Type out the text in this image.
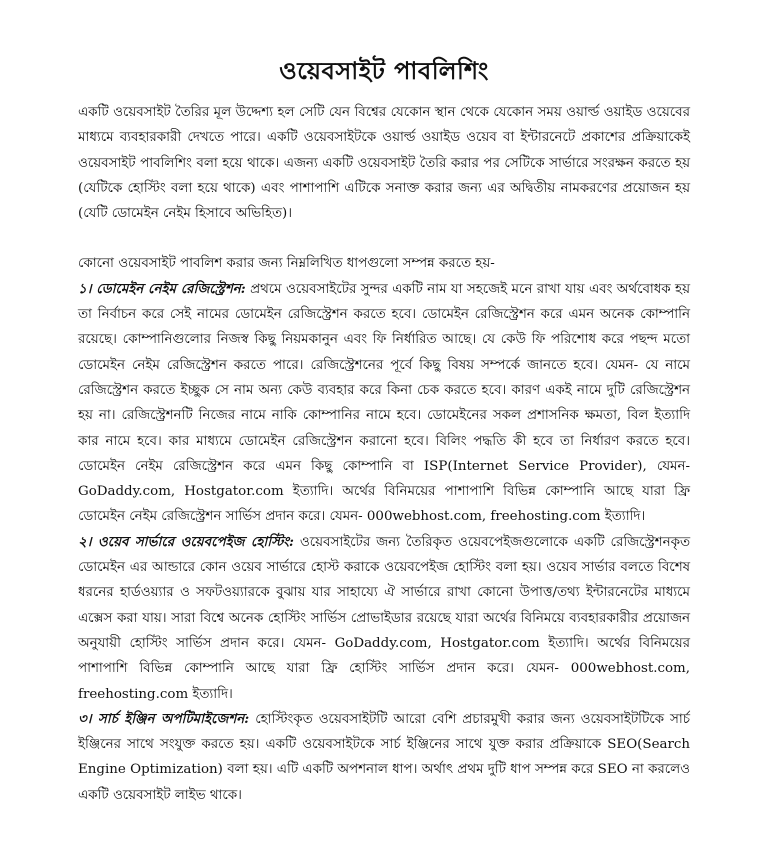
ওয়েবসাইট পাবলিশিং

একটি ওয়েবসাইট তৈরির মূল উদ্দেশ্য হল সেটি যেন বিশ্বের যেকোন স্থান থেকে যেকোন সময় ওয়ার্ল্ড ওয়াইড ওয়েবের মাধ্যমে ব্যবহারকারী দেখতে পারে। একটি ওয়েবসাইটকে ওয়ার্ল্ড ওয়াইড ওয়েব বা ইন্টারনেটে প্রকাশের প্রক্রিয়াকেই ওয়েবসাইট পাবলিশিং বলা হয়ে থাকে। এজন্য একটি ওয়েবসাইট তৈরি করার পর সেটিকে সার্ভারে সংরক্ষন করতে হয় (যেটিকে হোস্টিং বলা হয়ে থাকে) এবং পাশাপাশি এটিকে সনাক্ত করার জন্য এর অদ্বিতীয় নামকরণের প্রয়োজন হয় (যেটি ডোমেইন নেইম হিসাবে অভিহিত)।

কোনো ওয়েবসাইট পাবলিশ করার জন্য নিম্নলিখিত ধাপগুলো সম্পন্ন করতে হয়-

১। ডোমেইন নেইম রেজিস্ট্রেশন: প্রথমে ওয়েবসাইটের সুন্দর একটি নাম যা সহজেই মনে রাখা যায় এবং অর্থবোধক হয় তা নির্বাচন করে সেই নামের ডোমেইন রেজিস্ট্রেশন করতে হবে। ডোমেইন রেজিস্ট্রেশন করে এমন অনেক কোম্পানি রয়েছে। কোম্পানিগুলোর নিজস্ব কিছু নিয়মকানুন এবং ফি নির্ধারিত আছে। যে কেউ ফি পরিশোধ করে পছন্দ মতো ডোমেইন নেইম রেজিস্ট্রেশন করতে পারে। রেজিস্ট্রেশনের পূর্বে কিছু বিষয় সম্পর্কে জানতে হবে। যেমন- যে নামে রেজিস্ট্রেশন করতে ইচ্ছুক সে নাম অন্য কেউ ব্যবহার করে কিনা চেক করতে হবে। কারণ একই নামে দুটি রেজিস্ট্রেশন হয় না। রেজিস্ট্রেশনটি নিজের নামে নাকি কোম্পানির নামে হবে। ডোমেইনের সকল প্রশাসনিক ক্ষমতা, বিল ইত্যাদি কার নামে হবে। কার মাধ্যমে ডোমেইন রেজিস্ট্রেশন করানো হবে। বিলিং পদ্ধতি কী হবে তা নির্ধারণ করতে হবে। ডোমেইন নেইম রেজিস্ট্রেশন করে এমন কিছু কোম্পানি বা ISP(Internet Service Provider), যেমন- GoDaddy.com, Hostgator.com ইত্যাদি। অর্থের বিনিময়ের পাশাপাশি বিভিন্ন কোম্পানি আছে যারা ফ্রি ডোমেইন নেইম রেজিস্ট্রেশন সার্ভিস প্রদান করে। যেমন- 000webhost.com, freehosting.com ইত্যাদি।

২। ওয়েব সার্ভারে ওয়েবপেইজ হোস্টিং: ওয়েবসাইটের জন্য তৈরিকৃত ওয়েবপেইজগুলোকে একটি রেজিস্ট্রেশনকৃত ডোমেইন এর আন্ডারে কোন ওয়েব সার্ভারে হোস্ট করাকে ওয়েবপেইজ হোস্টিং বলা হয়। ওয়েব সার্ভার বলতে বিশেষ ধরনের হার্ডওয়্যার ও সফটওয়্যারকে বুঝায় যার সাহায্যে ঐ সার্ভারে রাখা কোনো উপাত্ত/তথ্য ইন্টারনেটের মাধ্যমে এক্সেস করা যায়। সারা বিশ্বে অনেক হোস্টিং সার্ভিস প্রোভাইডার রয়েছে যারা অর্থের বিনিময়ে ব্যবহারকারীর প্রয়োজন অনুযায়ী হোস্টিং সার্ভিস প্রদান করে। যেমন- GoDaddy.com, Hostgator.com ইত্যাদি। অর্থের বিনিময়ের পাশাপাশি বিভিন্ন কোম্পানি আছে যারা ফ্রি হোস্টিং সার্ভিস প্রদান করে। যেমন- 000webhost.com, freehosting.com ইত্যাদি।

৩। সার্চ ইঞ্জিন অপটিমাইজেশন: হোস্টিংকৃত ওয়েবসাইটটি আরো বেশি প্রচারমুখী করার জন্য ওয়েবসাইটটিকে সার্চ ইঞ্জিনের সাথে সংযুক্ত করতে হয়। একটি ওয়েবসাইটকে সার্চ ইঞ্জিনের সাথে যুক্ত করার প্রক্রিয়াকে SEO(Search Engine Optimization) বলা হয়। এটি একটি অপশনাল ধাপ। অর্থাৎ প্রথম দুটি ধাপ সম্পন্ন করে SEO না করলেও একটি ওয়েবসাইট লাইভ থাকে।
